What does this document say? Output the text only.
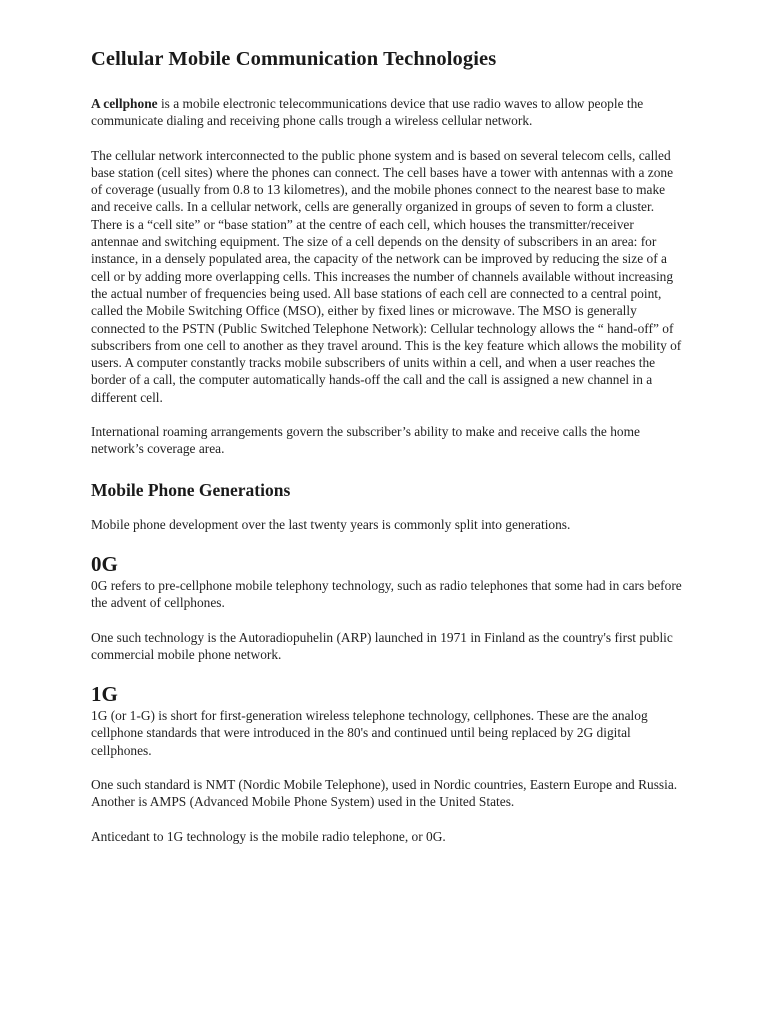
Cellular Mobile Communication Technologies

A cellphone is a mobile electronic telecommunications device that use radio waves to allow people the communicate dialing and receiving phone calls trough a wireless cellular network.

The cellular network interconnected to the public phone system and is based on several telecom cells, called base station (cell sites) where the phones can connect. The cell bases have a tower with antennas with a zone of coverage (usually from 0.8 to 13 kilometres), and the mobile phones connect to the nearest base to make and receive calls. In a cellular network, cells are generally organized in groups of seven to form a cluster. There is a “cell site” or “base station” at the centre of each cell, which houses the transmitter/receiver antennae and switching equipment. The size of a cell depends on the density of subscribers in an area: for instance, in a densely populated area, the capacity of the network can be improved by reducing the size of a cell or by adding more overlapping cells. This increases the number of channels available without increasing the actual number of frequencies being used. All base stations of each cell are connected to a central point, called the Mobile Switching Office (MSO), either by fixed lines or microwave. The MSO is generally connected to the PSTN (Public Switched Telephone Network): Cellular technology allows the “ hand-off” of subscribers from one cell to another as they travel around. This is the key feature which allows the mobility of users. A computer constantly tracks mobile subscribers of units within a cell, and when a user reaches the border of a call, the computer automatically hands-off the call and the call is assigned a new channel in a different cell.

International roaming arrangements govern the subscriber’s ability to make and receive calls the home network’s coverage area.

Mobile Phone Generations

Mobile phone development over the last twenty years is commonly split into generations.

0G

0G refers to pre-cellphone mobile telephony technology, such as radio telephones that some had in cars before the advent of cellphones.

One such technology is the Autoradiopuhelin (ARP) launched in 1971 in Finland as the country's first public commercial mobile phone network.

1G

1G (or 1-G) is short for first-generation wireless telephone technology, cellphones. These are the analog cellphone standards that were introduced in the 80's and continued until being replaced by 2G digital cellphones.

One such standard is NMT (Nordic Mobile Telephone), used in Nordic countries, Eastern Europe and Russia. Another is AMPS (Advanced Mobile Phone System) used in the United States.

Anticedant to 1G technology is the mobile radio telephone, or 0G.
